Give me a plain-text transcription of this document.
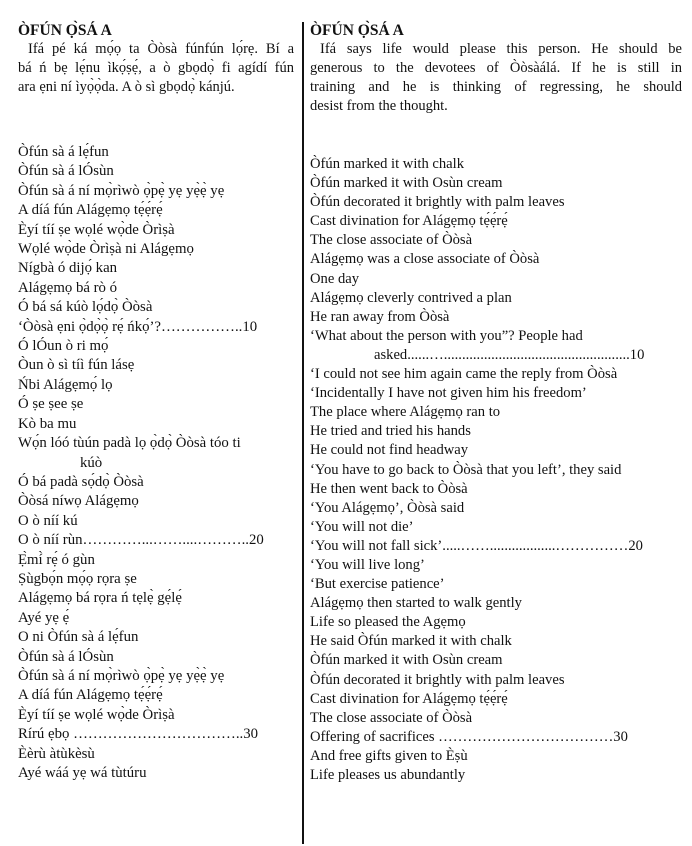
ÒFÚN Ọ̀SÁ A

Ifá pé ká mọ́ọ ta Òòsà fúnfún lọ́rẹ. Bí a
bá ń bẹ lẹ́nu ìkọ́ṣẹ́, a ò gbọdọ̀ fi agídí fún
ara ẹni ní ìyọ̀ọ̀da. A ò sì gbọdọ̀ kánjú.

ÒFÚN Ọ̀SÁ A

Ifá says life would please this person. He should be
generous to the devotees of Òòsàálá. If he is still in
training and he is thinking of regressing, he should
desist from the thought.

Òfún sà á lẹ́fun
Òfún sà á lÓsùn
Òfún sà á ní mọ̀rìwò ọ̀pẹ̀ yẹ yẹ̀ẹ̀ yẹ
A díá fún Alágẹmọ tẹ́ẹ́rẹ́
Èyí tíí ṣe wọlé wọ̀de Òrìṣà
Wọlé wọ̀de Òrìṣà ni Alágẹmọ
Nígbà ó dijọ́ kan
Alágẹmọ bá rò ó
Ó bá sá kúò lọ́dọ̀ Òòsà
‘Òòsà ẹni ọ̀dọ̀ọ̀ rẹ́ ńkọ́’?……………..10
Ó lÓun ò ri mọ́
Òun ò sì tíì fún lásẹ
Ńbi Alágẹmọ́ lọ
Ó ṣe ṣee ṣe
Kò ba mu
Wọ́n lóó tùún padà lọ ọ̀dọ̀ Òòsà tóo ti
kúò
Ó bá padà sọ́dọ̀ Òòsà
Òòsá níwọ Alágẹmọ
O ò níí kú
O ò níí rùn…………...……....………..20
Ẹ̀mí̀ rẹ́ ó gùn
Ṣùgbọ́n mọ́ọ rọra ṣe
Alágẹmọ bá rọra ń tẹlẹ̀ gẹ́lẹ́
Ayé yẹ ẹ́
O ni Òfún sà á lẹ́fun
Òfún sà á lÓsùn
Òfún sà á ní mọ̀rìwò ọ̀pẹ̀ yẹ yẹ̀ẹ̀ yẹ
A díá fún Alágẹmọ tẹ́ẹ́rẹ́
Èyí tíí ṣe wọlé wọ̀de Òrìṣà
Rírú ẹbọ ……………………………..30
Èèrù àtùkèsù
Ayé wáá yẹ wá tùtúru
Òfún marked it with chalk
Òfún marked it with Osùn cream
Òfún decorated it brightly with palm leaves
Cast divination for Alágẹmọ tẹ́ẹ́rẹ́
The close associate of Òòsà
Alágẹmọ was a close associate of Òòsà
One day
Alágẹmọ cleverly contrived a plan
He ran away from Òòsà
‘What about the person with you”? People had
asked......…...................................................10
‘I could not see him again came the reply from Òòsà
‘Incidentally I have not given him his freedom’
The place where Alágẹmọ ran to
He tried and tried his hands
He could not find headway
‘You have to go back to Òòsà that you left’, they said
He then went back to Òòsà
‘You Alágẹmọ’, Òòsà said
‘You will not die’
‘You will not fall sick’.....……..................……………20
‘You will live long’
‘But exercise patience’
Alágẹmọ then started to walk gently
Life so pleased the Agẹmọ
He said Òfún marked it with chalk
Òfún marked it with Osùn cream
Òfún decorated it brightly with palm leaves
Cast divination for Alágẹmọ tẹ́ẹ́rẹ́
The close associate of Òòsà
Offering of sacrifices ………………………………30
And free gifts given to Èṣù
Life pleases us abundantly
